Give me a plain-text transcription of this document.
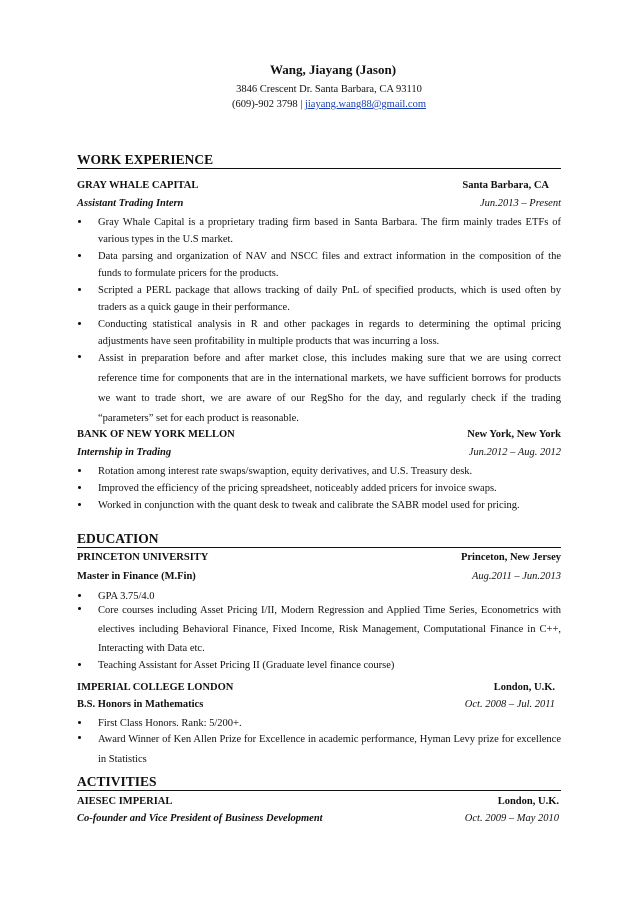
Wang, Jiayang (Jason)
3846 Crescent Dr. Santa Barbara, CA 93110
(609)-902 3798 | jiayang.wang88@gmail.com
WORK EXPERIENCE
GRAY WHALE CAPITAL	Santa Barbara, CA
Assistant Trading Intern	Jun.2013 – Present
Gray Whale Capital is a proprietary trading firm based in Santa Barbara. The firm mainly trades ETFs of various types in the U.S market.
Data parsing and organization of NAV and NSCC files and extract information in the composition of the funds to formulate pricers for the products.
Scripted a PERL package that allows tracking of daily PnL of specified products, which is used often by traders as a quick gauge in their performance.
Conducting statistical analysis in R and other packages in regards to determining the optimal pricing adjustments have seen profitability in multiple products that was incurring a loss.
Assist in preparation before and after market close, this includes making sure that we are using correct reference time for components that are in the international markets, we have sufficient borrows for products we want to trade short, we are aware of our RegSho for the day, and regularly check if the trading “parameters” set for each product is reasonable.
BANK OF NEW YORK MELLON	New York, New York
Internship in Trading	Jun.2012 – Aug. 2012
Rotation among interest rate swaps/swaption, equity derivatives, and U.S. Treasury desk.
Improved the efficiency of the pricing spreadsheet, noticeably added pricers for invoice swaps.
Worked in conjunction with the quant desk to tweak and calibrate the SABR model used for pricing.
EDUCATION
PRINCETON UNIVERSITY	Princeton, New Jersey
Master in Finance (M.Fin)	Aug.2011 – Jun.2013
GPA 3.75/4.0
Core courses including Asset Pricing I/II, Modern Regression and Applied Time Series, Econometrics with electives including Behavioral Finance, Fixed Income, Risk Management, Computational Finance in C++, Interacting with Data etc.
Teaching Assistant for Asset Pricing II (Graduate level finance course)
IMPERIAL COLLEGE LONDON	London, U.K.
B.S. Honors in Mathematics	Oct. 2008 – Jul. 2011
First Class Honors. Rank: 5/200+.
Award Winner of Ken Allen Prize for Excellence in academic performance, Hyman Levy prize for excellence in Statistics
ACTIVITIES
AIESEC IMPERIAL	London, U.K.
Co-founder and Vice President of Business Development	Oct. 2009 – May 2010
